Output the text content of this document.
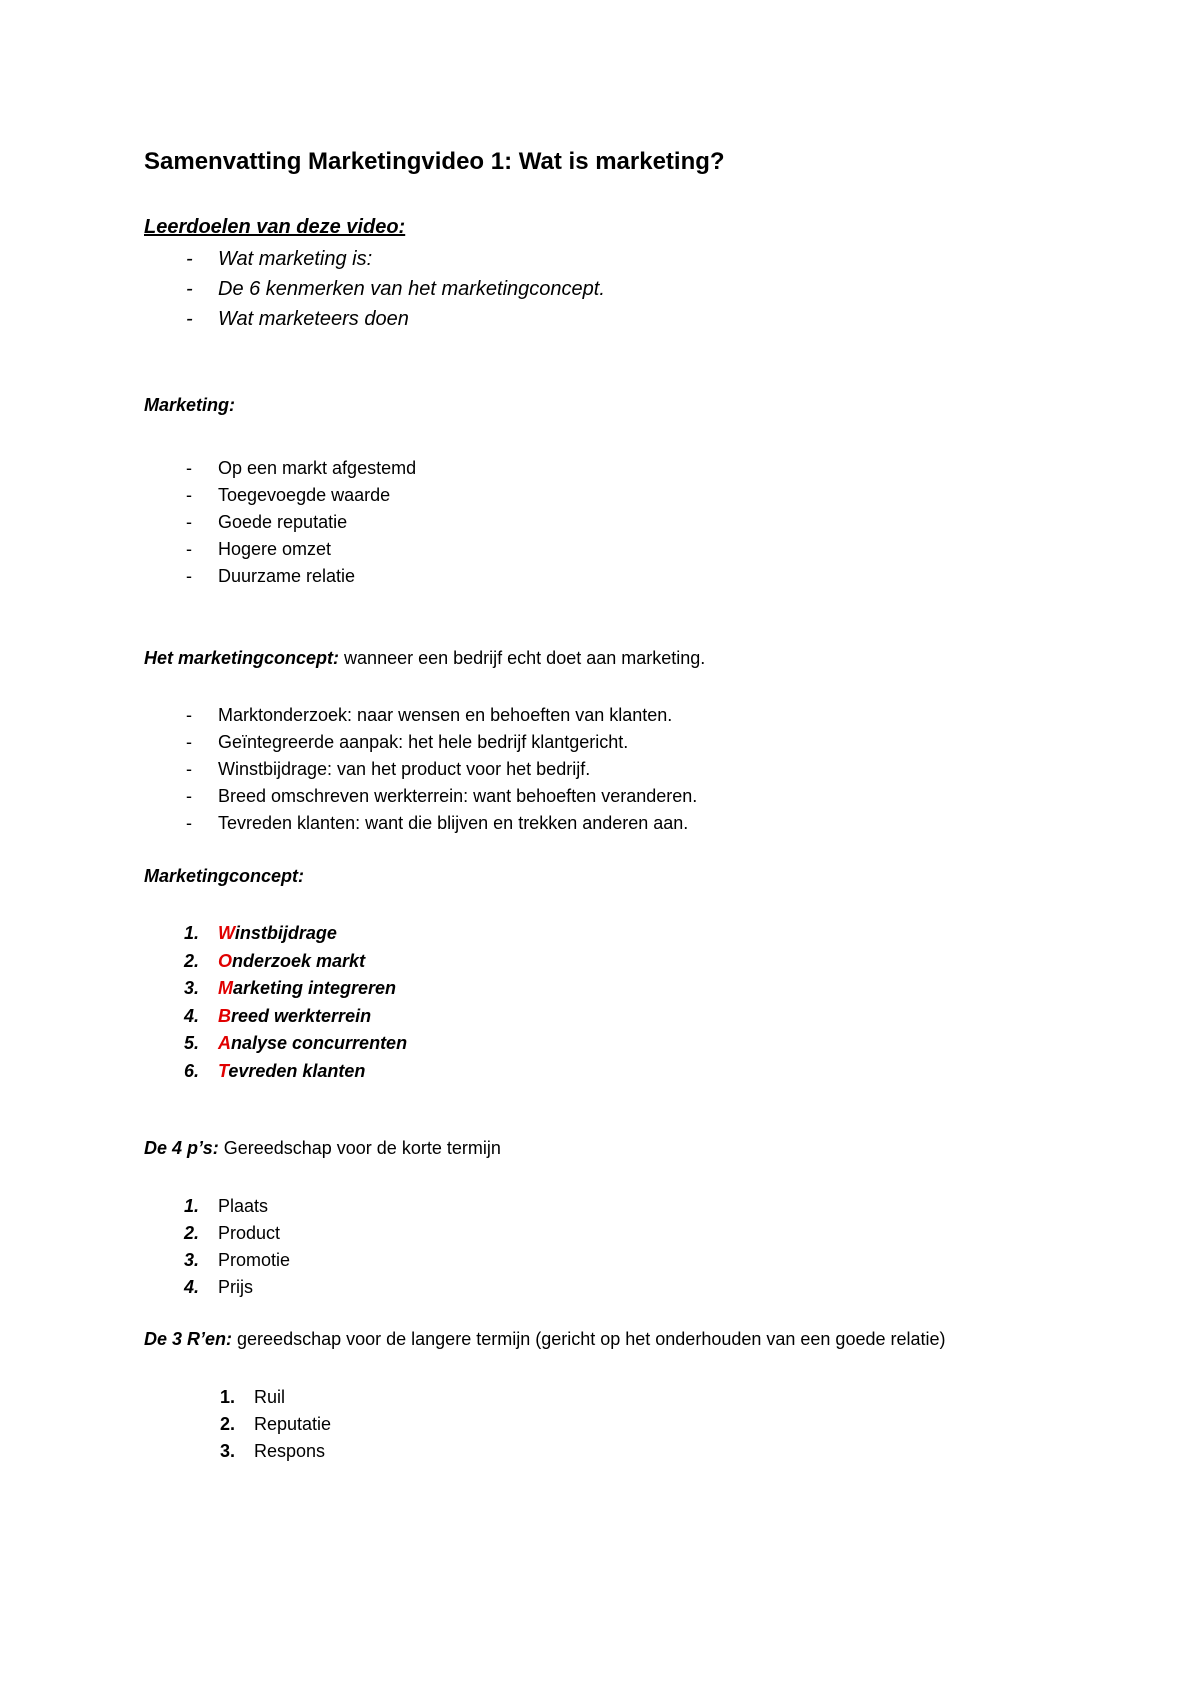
Samenvatting Marketingvideo 1: Wat is marketing?
Leerdoelen van deze video:
- Wat marketing is:
- De 6 kenmerken van het marketingconcept.
- Wat marketeers doen
Marketing:
- Op een markt afgestemd
- Toegevoegde waarde
- Goede reputatie
- Hogere omzet
- Duurzame relatie
Het marketingconcept: wanneer een bedrijf echt doet aan marketing.
- Marktonderzoek: naar wensen en behoeften van klanten.
- Geïntegreerde aanpak: het hele bedrijf klantgericht.
- Winstbijdrage: van het product voor het bedrijf.
- Breed omschreven werkterrein: want behoeften veranderen.
- Tevreden klanten: want die blijven en trekken anderen aan.
Marketingconcept:
1. Winstbijdrage
2. Onderzoek markt
3. Marketing integreren
4. Breed werkterrein
5. Analyse concurrenten
6. Tevreden klanten
De 4 p’s: Gereedschap voor de korte termijn
1. Plaats
2. Product
3. Promotie
4. Prijs
De 3 R’en: gereedschap voor de langere termijn (gericht op het onderhouden van een goede relatie)
1. Ruil
2. Reputatie
3. Respons
